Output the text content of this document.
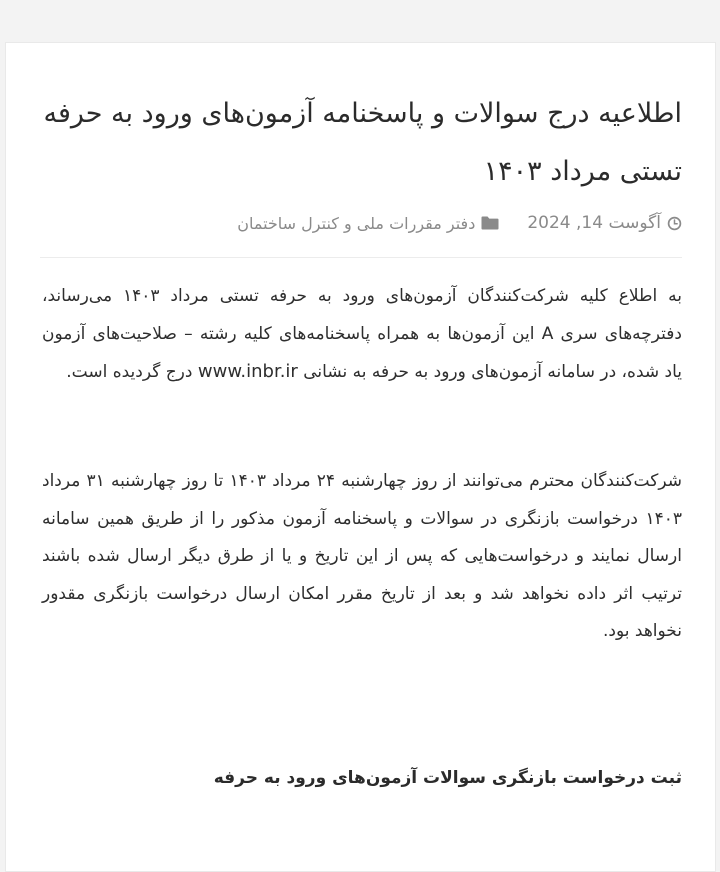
اطلاعیه درج سوالات و پاسخنامه آزمون‌های ورود به حرفه تستی مرداد ۱۴۰۳
آگوست 14, 2024
دفتر مقررات ملی و کنترل ساختمان

به اطلاع کلیه شرکت‌کنندگان آزمون‌های ورود به حرفه تستی مرداد ۱۴۰۳ می‌رساند، دفترچه‌های سری A این آزمون‌ها به همراه پاسخنامه‌های کلیه رشته – صلاحیت‌های آزمون یاد شده، در سامانه آزمون‌های ورود به حرفه به نشانی www.inbr.ir درج گردیده است.

شرکت‌کنندگان محترم می‌توانند از روز چهارشنبه ۲۴ مرداد ۱۴۰۳ تا روز چهارشنبه ۳۱ مرداد ۱۴۰۳ درخواست بازنگری در سوالات و پاسخنامه آزمون مذکور را از طریق همین سامانه ارسال نمایند و درخواست‌هایی که پس از این تاریخ و یا از طرق دیگر ارسال شده باشند ترتیب اثر داده نخواهد شد و بعد از تاریخ مقرر امکان ارسال درخواست بازنگری مقدور نخواهد بود.

ثبت درخواست بازنگری سوالات آزمون‌های ورود به حرفه
